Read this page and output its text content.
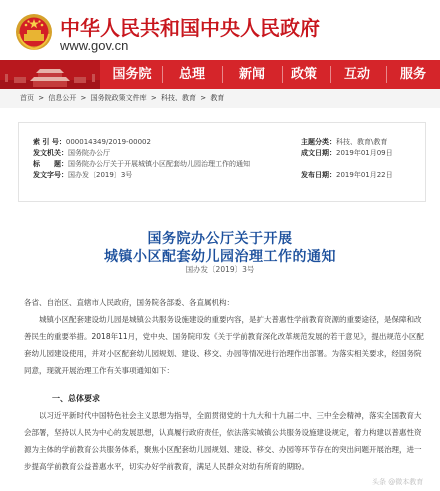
中华人民共和国中央人民政府
www.gov.cn
国务院	总理	新闻	政策	互动	服务
首页 > 信息公开 > 国务院政策文件库 > 科技、教育 > 教育
索 引 号：000014349/2019-00002	主题分类：科技、教育\教育
发文机关：国务院办公厅	成文日期：2019年01月09日
标　　题：国务院办公厅关于开展城镇小区配套幼儿园治理工作的通知
发文字号：国办发〔2019〕3号	发布日期：2019年01月22日
国务院办公厅关于开展
城镇小区配套幼儿园治理工作的通知
国办发〔2019〕3号
各省、自治区、直辖市人民政府，国务院各部委、各直属机构：
城镇小区配套建设幼儿园是城镇公共服务设施建设的重要内容，是扩大普惠性学前教育资源的重要途径，是保障和改善民生的重要举措。2018年11月，党中央、国务院印发《关于学前教育深化改革规范发展的若干意见》，提出规范小区配套幼儿园建设使用，并对小区配套幼儿园规划、建设、移交、办园等情况进行治理作出部署。为落实相关要求，经国务院同意，现就开展治理工作有关事项通知如下：
一、总体要求
以习近平新时代中国特色社会主义思想为指导，全面贯彻党的十九大和十九届二中、三中全会精神，落实全国教育大会部署，坚持以人民为中心的发展思想，认真履行政府责任，依法落实城镇公共服务设施建设规定，着力构建以普惠性资源为主体的学前教育公共服务体系，聚焦小区配套幼儿园规划、建设、移交、办园等环节存在的突出问题开展治理，进一步提高学前教育公益普惠水平，切实办好学前教育，满足人民群众对幼有所育的期盼。
头条 @微本教育
